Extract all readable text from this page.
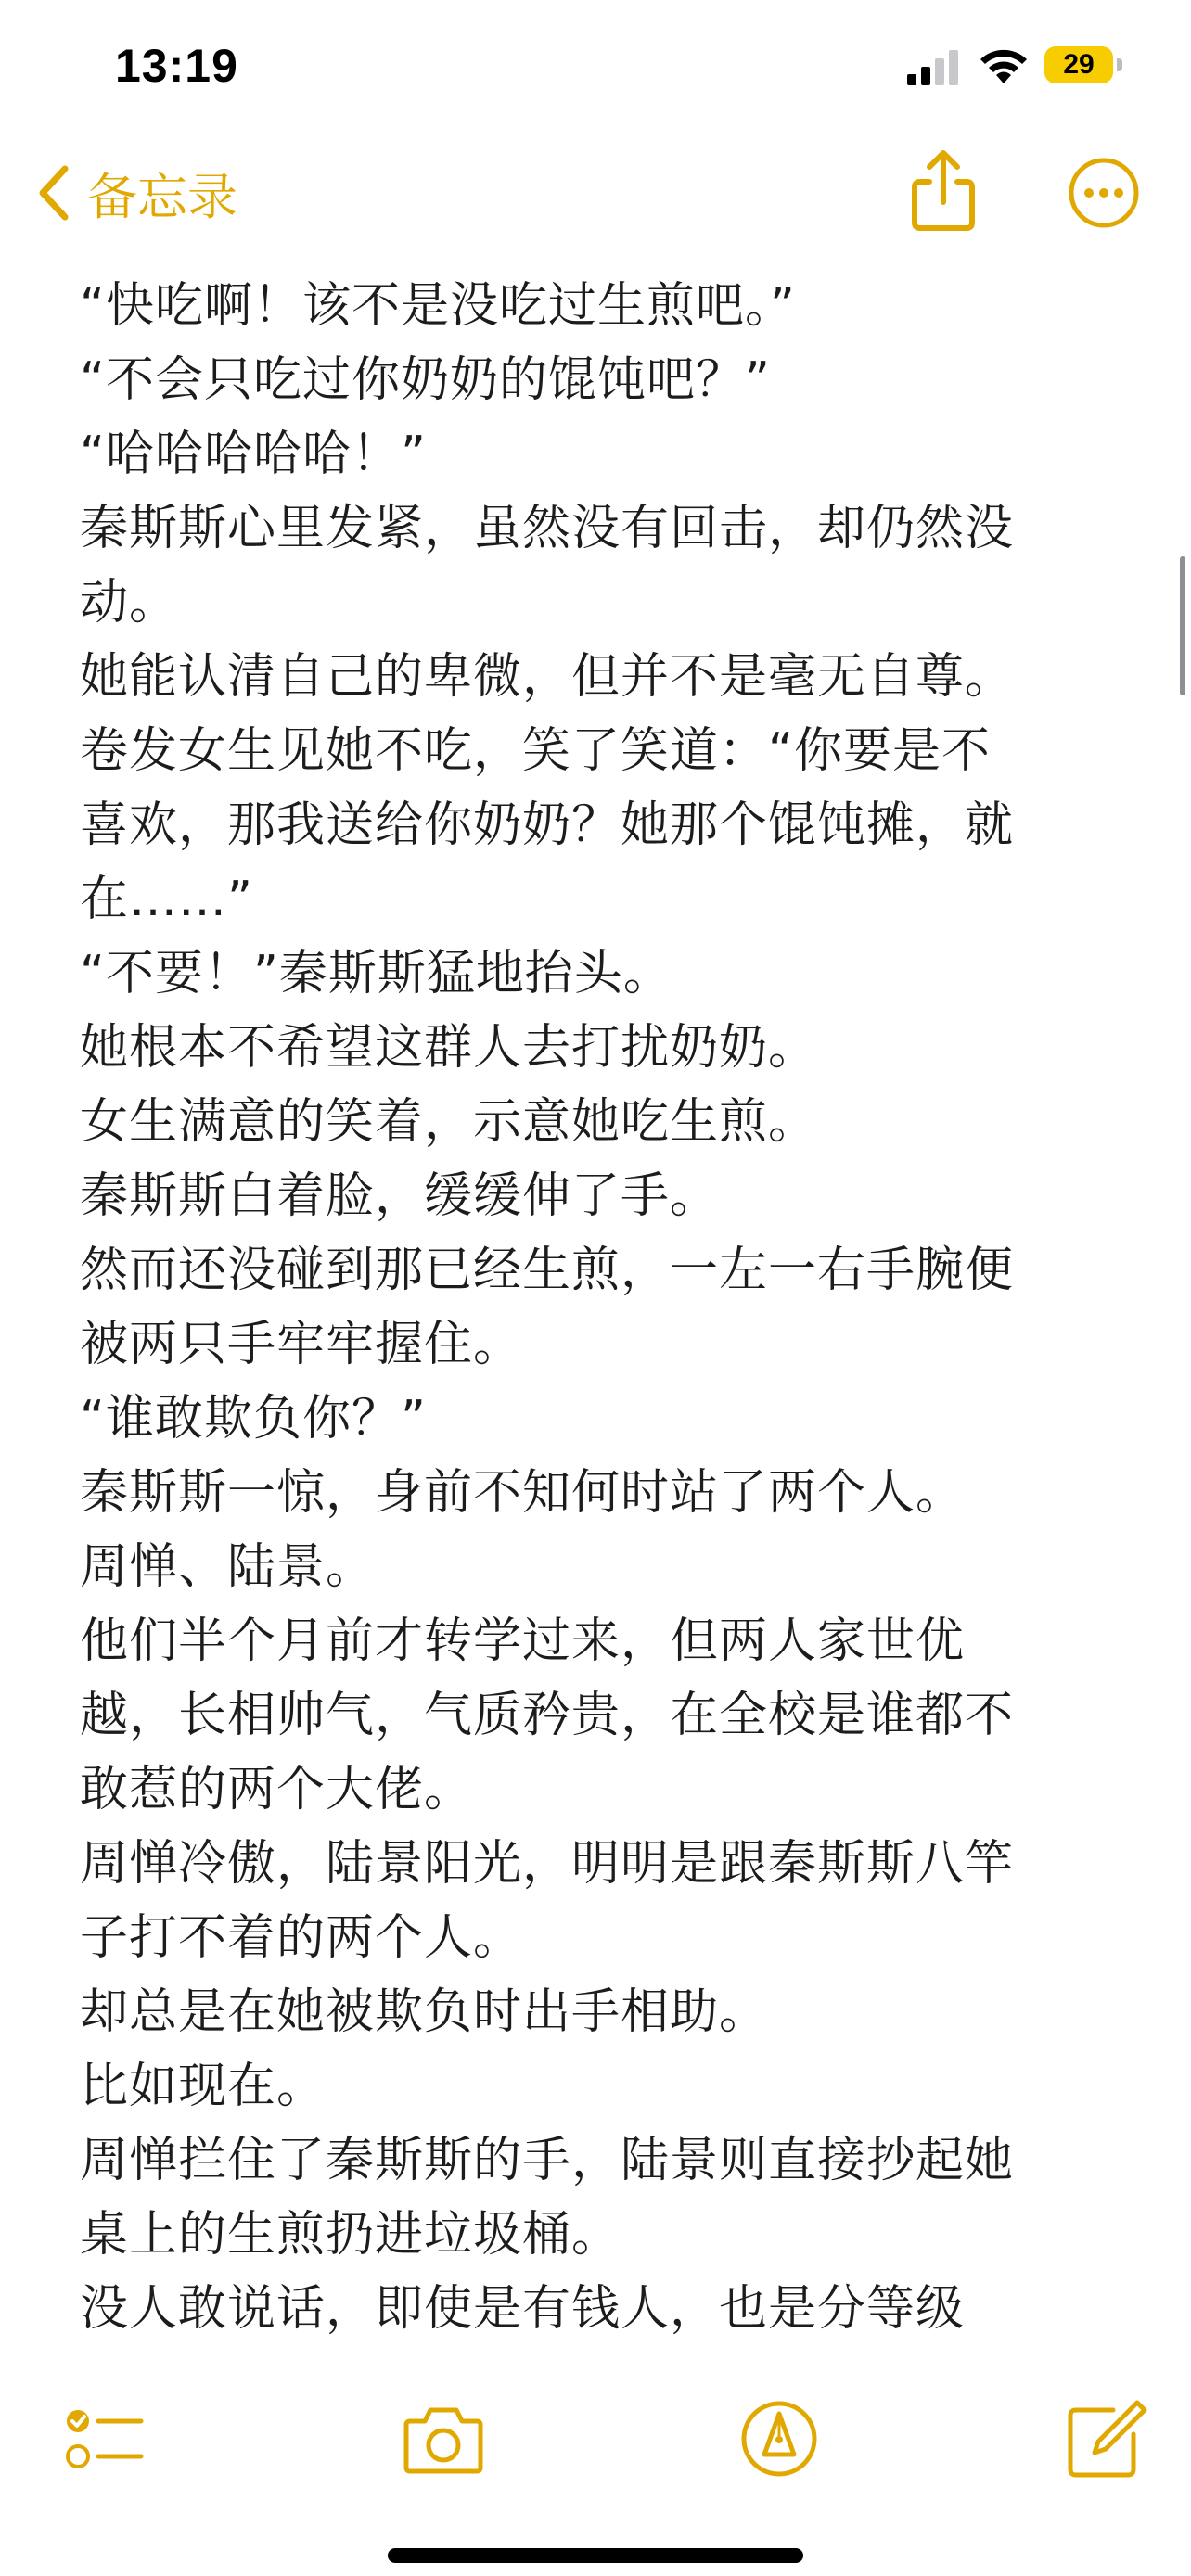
13:19	29
备忘录

“快吃啊！该不是没吃过生煎吧。”

“不会只吃过你奶奶的馄饨吧？”

“哈哈哈哈哈！”

秦斯斯心里发紧，虽然没有回击，却仍然没

动。

她能认清自己的卑微，但并不是毫无自尊。

卷发女生见她不吃，笑了笑道：“你要是不

喜欢，那我送给你奶奶？她那个馄饨摊，就

在……”

“不要！”秦斯斯猛地抬头。

她根本不希望这群人去打扰奶奶。

女生满意的笑着，示意她吃生煎。

秦斯斯白着脸，缓缓伸了手。

然而还没碰到那已经生煎，一左一右手腕便

被两只手牢牢握住。

“谁敢欺负你？”

秦斯斯一惊，身前不知何时站了两个人。

周惮、陆景。

他们半个月前才转学过来，但两人家世优

越，长相帅气，气质矜贵，在全校是谁都不

敢惹的两个大佬。

周惮冷傲，陆景阳光，明明是跟秦斯斯八竿

子打不着的两个人。

却总是在她被欺负时出手相助。

比如现在。

周惮拦住了秦斯斯的手，陆景则直接抄起她

桌上的生煎扔进垃圾桶。

没人敢说话，即使是有钱人，也是分等级
